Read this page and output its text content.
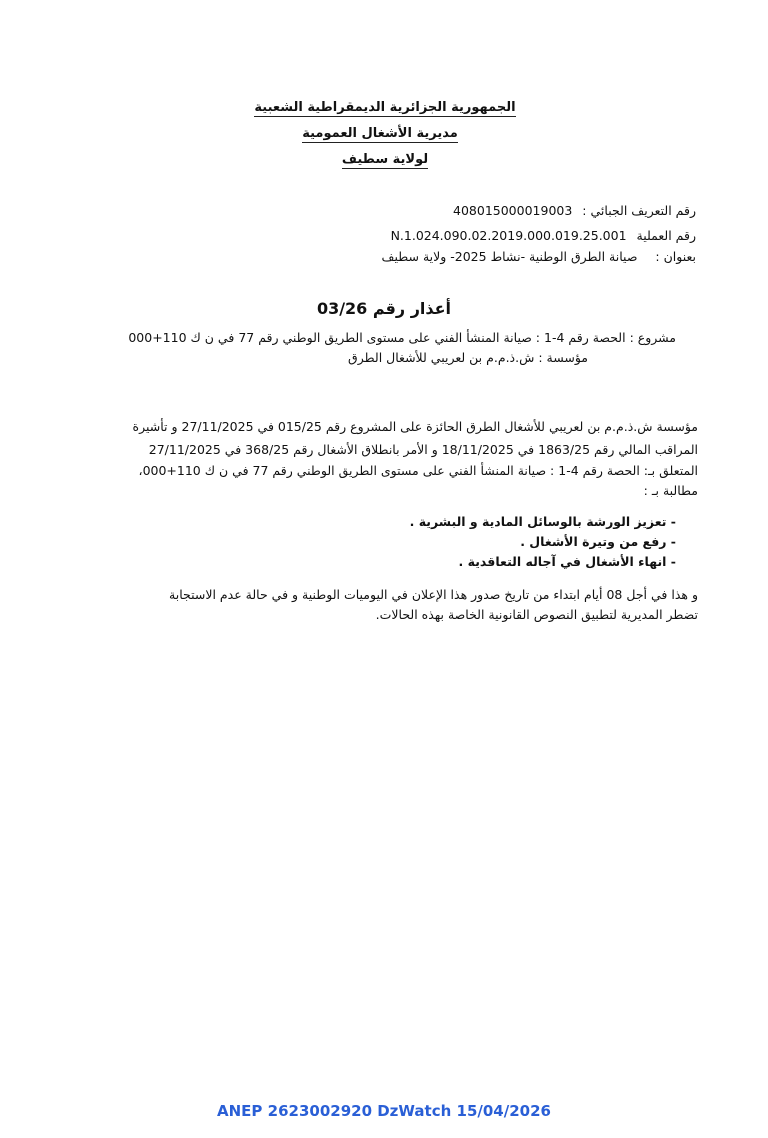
الجمهورية الجزائرية الديمقراطية الشعبية
مديرية الأشغال العمومية
لولاية سطيف
رقم التعريف الجبائي : 408015000019003
رقم العملية N.1.024.090.02.2019.000.019.25.001
بعنوان : صيانة الطرق الوطنية -نشاط 2025- ولاية سطيف
أعذار رقم 03/26
مشروع : الحصة رقم 4-1 : صيانة المنشأ الفني على مستوى الطريق الوطني رقم 77 في ن ك 110+000
مؤسسة : ش.ذ.م.م بن لعريبي للأشغال الطرق
مؤسسة ش.ذ.م.م بن لعريبي للأشغال الطرق الحائزة على المشروع رقم 015/25 في 27/11/2025 و تأشيرة
المراقب المالي رقم 1863/25 في 18/11/2025 و الأمر بانطلاق الأشغال رقم 368/25 في 27/11/2025
المتعلق بـ: الحصة رقم 4-1 : صيانة المنشأ الفني على مستوى الطريق الوطني رقم 77 في ن ك 110+000،
مطالبة بـ :
- تعزيز الورشة بالوسائل المادية و البشرية .
- رفع من وتيرة الأشغال .
- انهاء الأشغال في آجاله التعاقدية .
و هذا في أجل 08 أيام ابتداء من تاريخ صدور هذا الإعلان في اليوميات الوطنية و في حالة عدم الاستجابة
تضطر المديرية لتطبيق النصوص القانونية الخاصة بهذه الحالات.
ANEP 2623002920 DzWatch 15/04/2026
